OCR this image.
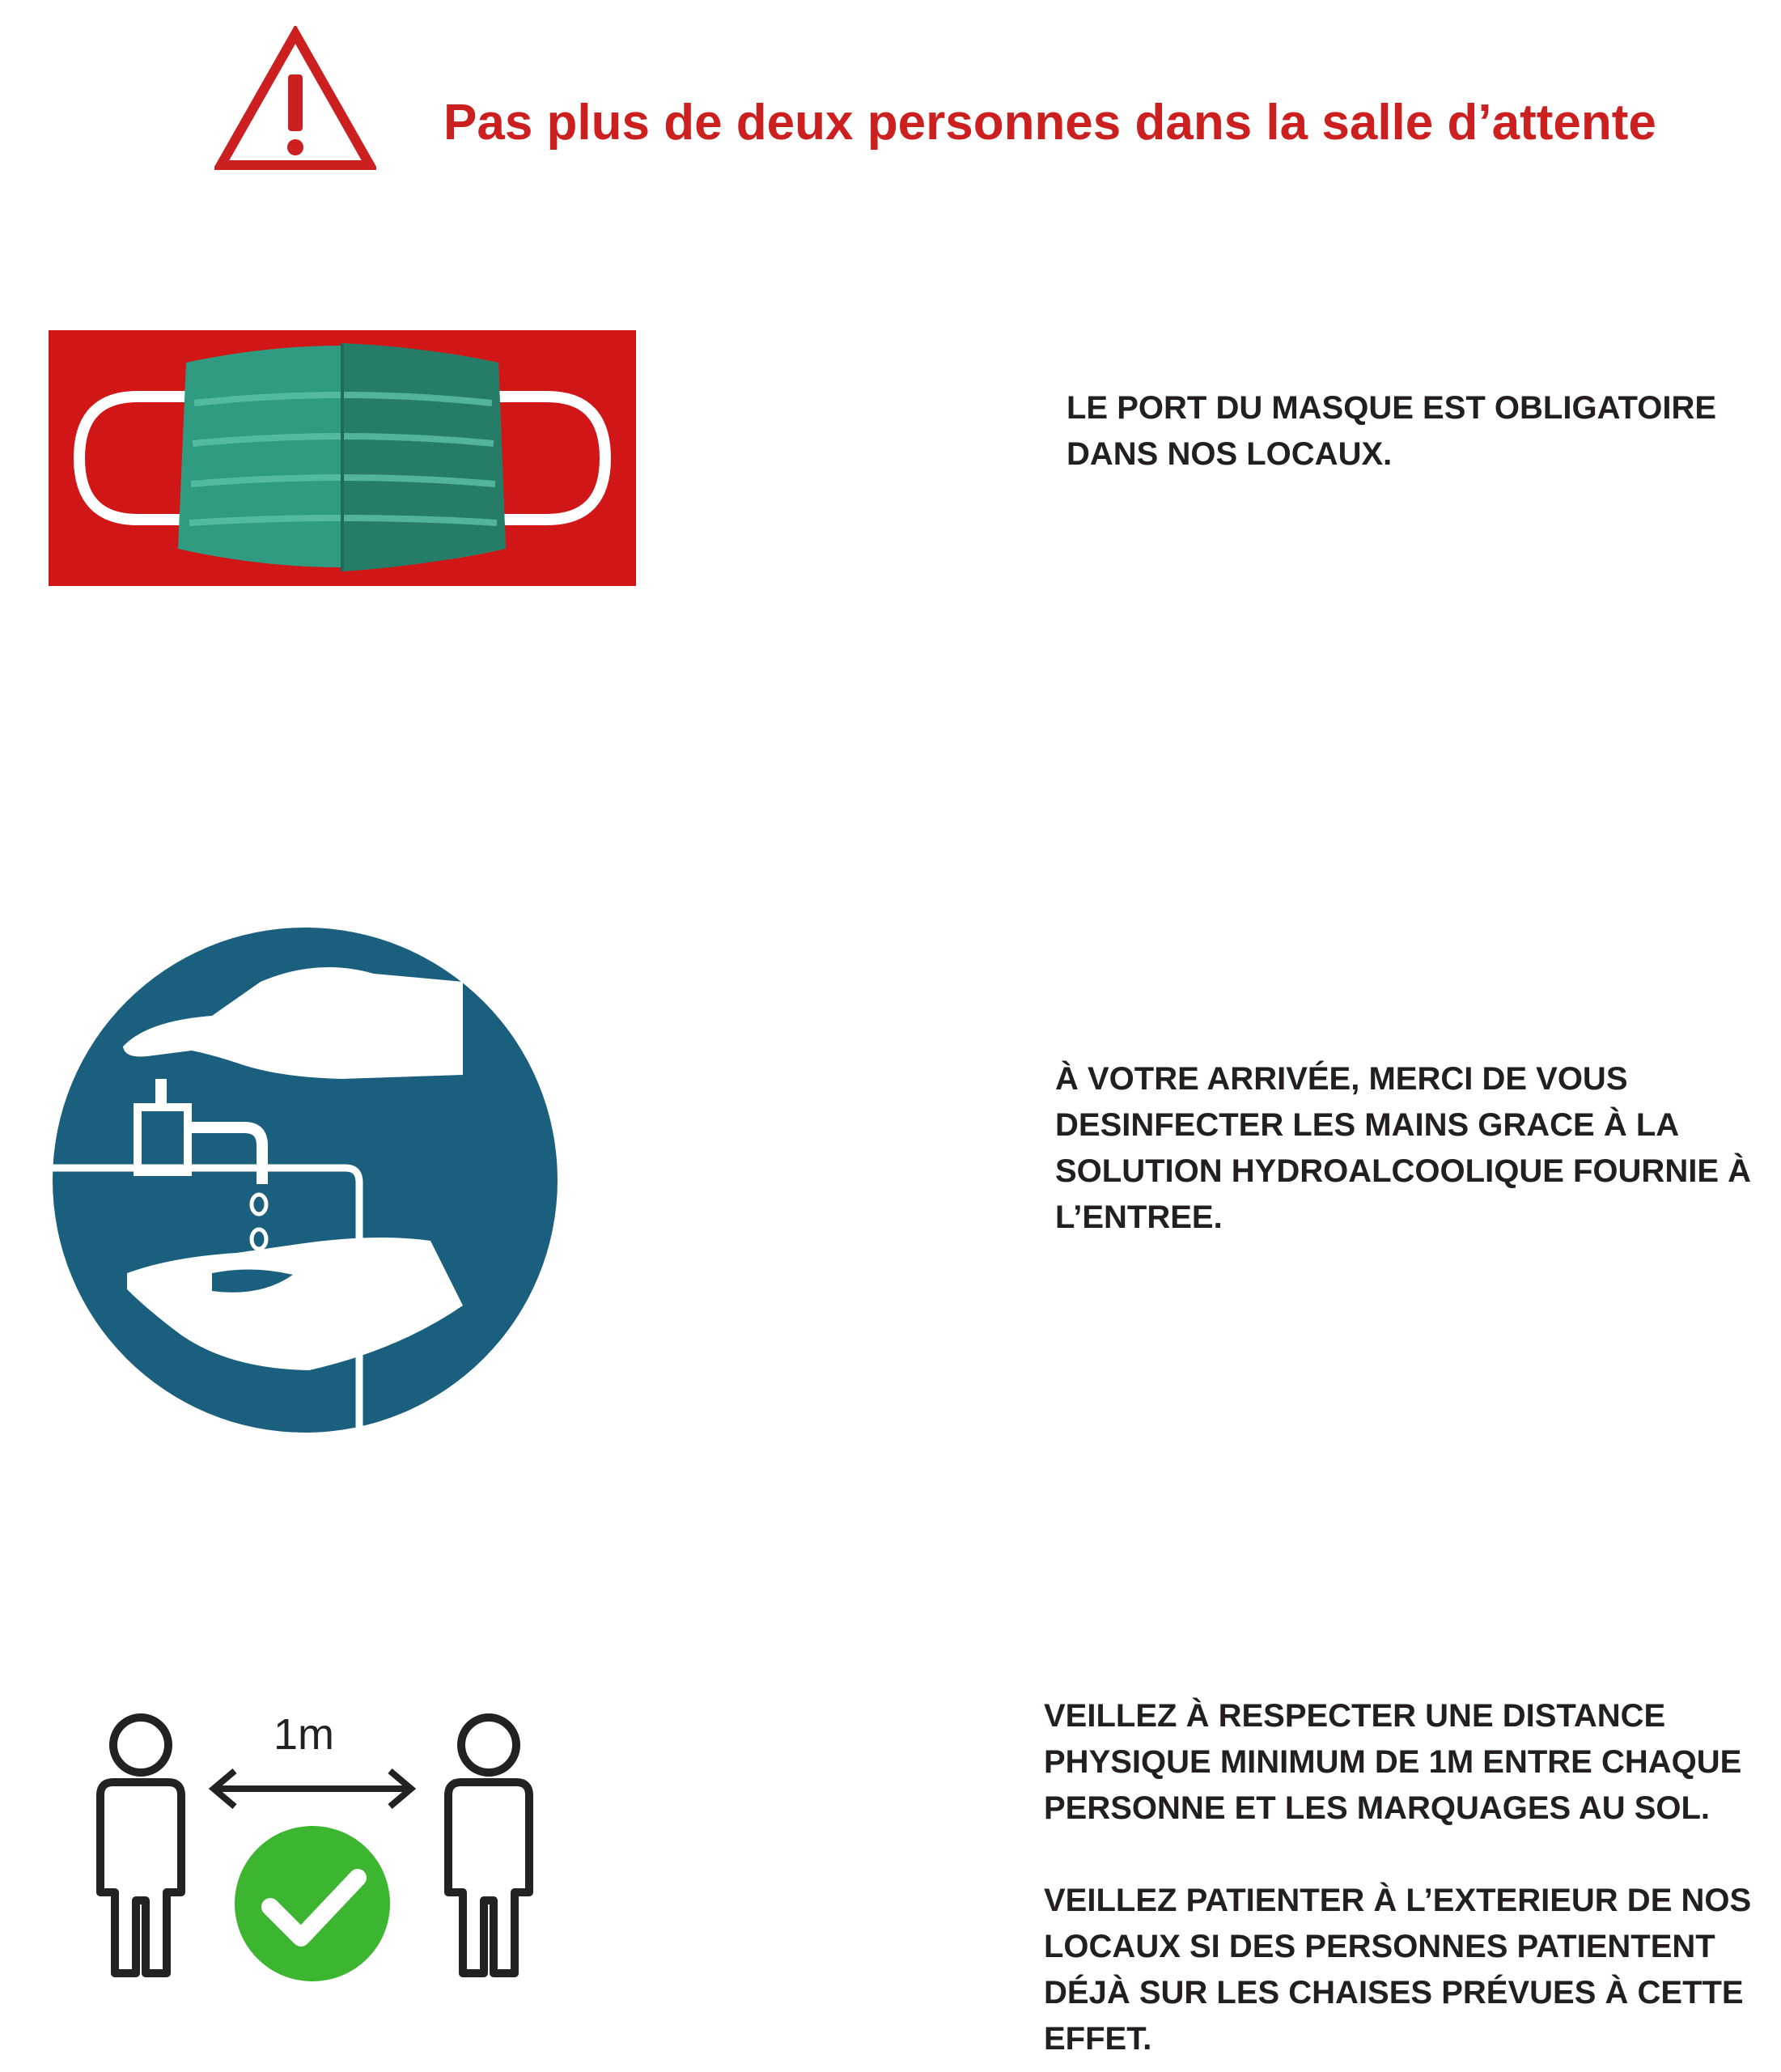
Pas plus de deux personnes dans la salle d’attente

LE PORT DU MASQUE EST OBLIGATOIRE

DANS NOS LOCAUX.

À VOTRE ARRIVÉE, MERCI DE VOUS

DESINFECTER LES MAINS GRACE À LA

SOLUTION HYDROALCOOLIQUE FOURNIE À

L’ENTREE.

1m	VEILLEZ À RESPECTER UNE DISTANCE

PHYSIQUE MINIMUM DE 1M ENTRE CHAQUE

PERSONNE ET LES MARQUAGES AU SOL.

VEILLEZ PATIENTER À L’EXTERIEUR DE NOS

LOCAUX SI DES PERSONNES PATIENTENT

DÉJÀ SUR LES CHAISES PRÉVUES À CETTE

EFFET.
